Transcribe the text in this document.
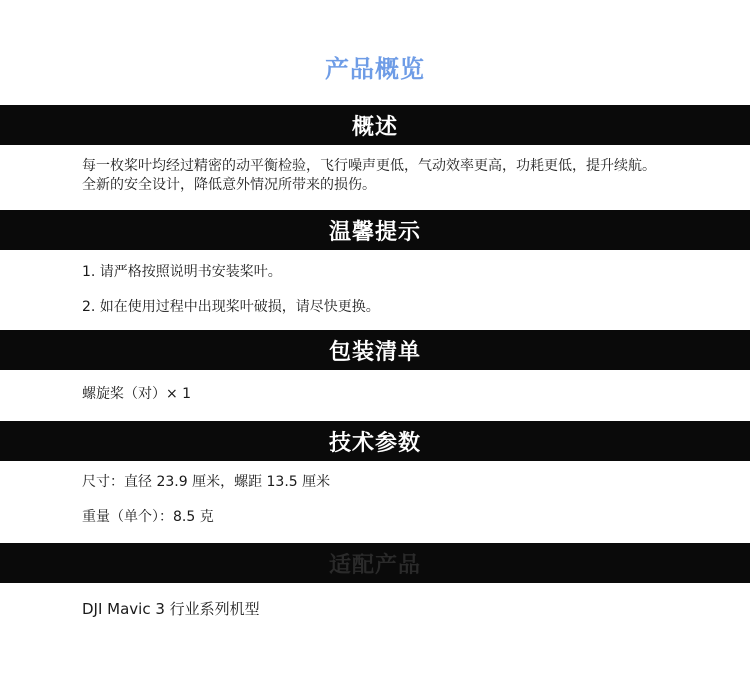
产品概览
概述
每一枚桨叶均经过精密的动平衡检验，飞行噪声更低，气动效率更高，功耗更低，提升续航。
全新的安全设计，降低意外情况所带来的损伤。
温馨提示
1. 请严格按照说明书安装桨叶。
2. 如在使用过程中出现桨叶破损，请尽快更换。
包装清单
螺旋桨（对）× 1
技术参数
尺寸：直径 23.9 厘米，螺距 13.5 厘米
重量（单个）：8.5 克
适配产品
DJI Mavic 3 行业系列机型
